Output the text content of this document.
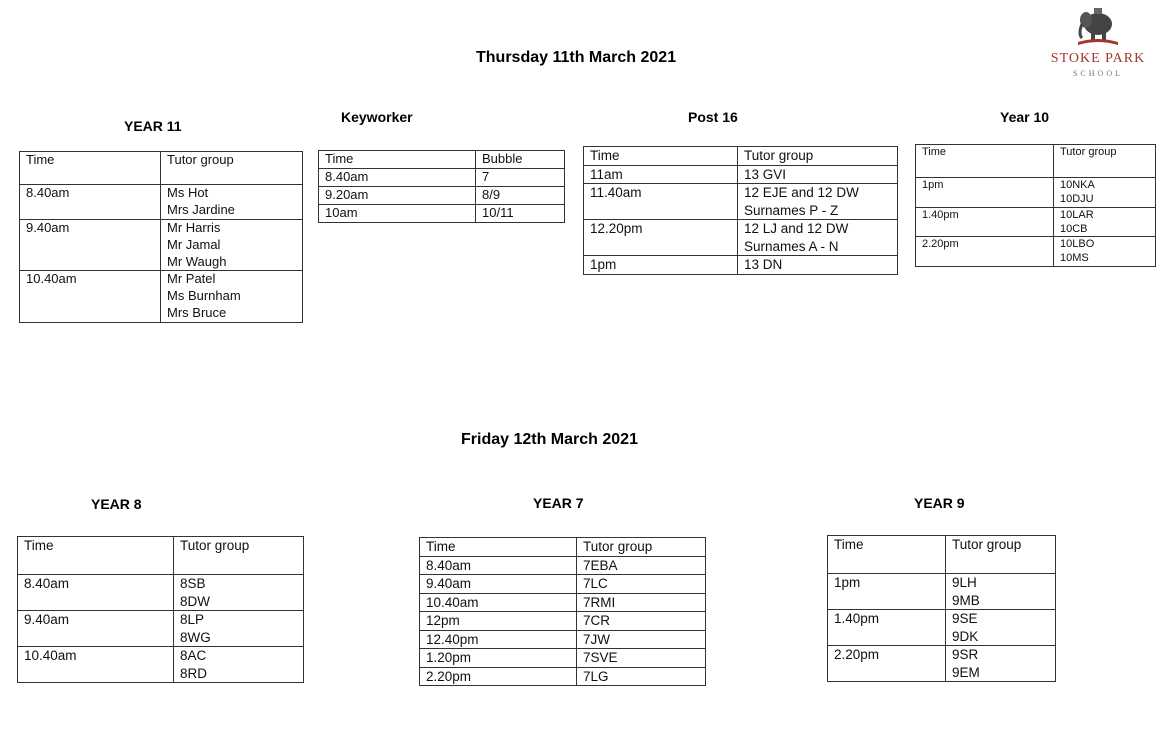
STOKE PARK
SCHOOL
Thursday 11th March 2021
Friday 12th March 2021
YEAR 11
Keyworker	Post 16	Year 10
YEAR 8	YEAR 7	YEAR 9
Time	Tutor group
8.40am	Ms Hot
Mrs Jardine

9.40am	Mr Harris
Mr Jamal
Mr Waugh

10.40am	Mr Patel
Ms Burnham
Mrs Bruce
Time	Bubble
8.40am	7
9.20am	8/9
10am	10/11
Time	Tutor group
11am	13 GVI
11.40am	12 EJE and 12 DW
Surnames P - Z

12.20pm	12 LJ and 12 DW
Surnames A - N

1pm	13 DN
Time	Tutor group
1pm	10NKA
10DJU

1.40pm	10LAR
10CB

2.20pm	10LBO
10MS
Time	Tutor group
8.40am	8SB
8DW

9.40am	8LP
8WG

10.40am	8AC
8RD
Time	Tutor group
8.40am	7EBA
9.40am	7LC
10.40am	7RMI
12pm	7CR
12.40pm	7JW
1.20pm	7SVE
2.20pm	7LG
Time	Tutor group
1pm	9LH
9MB

1.40pm	9SE
9DK

2.20pm	9SR
9EM
